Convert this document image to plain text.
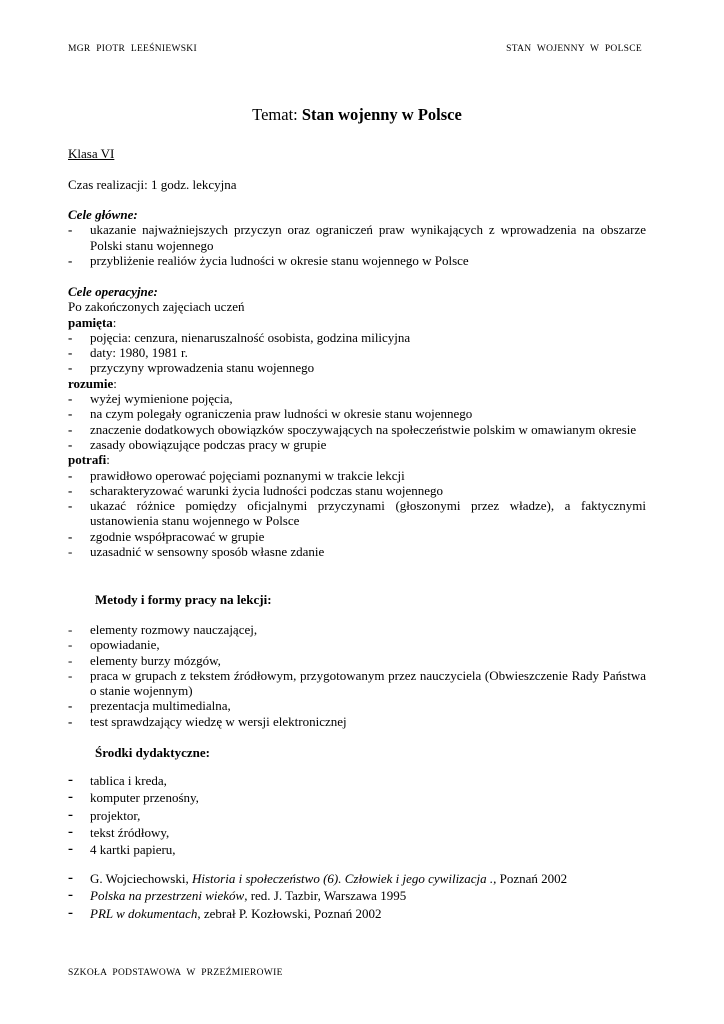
MGR PIOTR LEEŚNIEWSKI	STAN WOJENNY W POLSCE
Temat: Stan wojenny w Polsce
Klasa VI
Czas realizacji: 1 godz. lekcyjna
Cele główne:
- ukazanie najważniejszych przyczyn oraz ograniczeń praw wynikających z wprowadzenia na obszarze Polski stanu wojennego
- przybliżenie realiów życia ludności w okresie stanu wojennego w Polsce
Cele operacyjne:
Po zakończonych zajęciach uczeń
pamięta:
- pojęcia: cenzura, nienaruszalność osobista, godzina milicyjna
- daty: 1980, 1981 r.
- przyczyny wprowadzenia stanu wojennego
rozumie:
- wyżej wymienione pojęcia,
- na czym polegały ograniczenia praw ludności w okresie stanu wojennego
- znaczenie dodatkowych obowiązków spoczywających na społeczeństwie polskim w omawianym okresie
- zasady obowiązujące podczas pracy w grupie
potrafi:
- prawidłowo operować pojęciami poznanymi w trakcie lekcji
- scharakteryzować warunki życia ludności podczas stanu wojennego
- ukazać różnice pomiędzy oficjalnymi przyczynami (głoszonymi przez władze), a faktycznymi ustanowienia stanu wojennego w Polsce
- zgodnie współpracować w grupie
- uzasadnić w sensowny sposób własne zdanie
Metody i formy pracy na lekcji:
- elementy rozmowy nauczającej,
- opowiadanie,
- elementy burzy mózgów,
- praca w grupach z tekstem źródłowym, przygotowanym przez nauczyciela (Obwieszczenie Rady Państwa o stanie wojennym)
- prezentacja multimedialna,
- test sprawdzający wiedzę w wersji elektronicznej
Środki dydaktyczne:
- tablica i kreda,
- komputer przenośny,
- projektor,
- tekst źródłowy,
- 4 kartki papieru,
- G. Wojciechowski, Historia i społeczeństwo (6). Człowiek i jego cywilizacja ., Poznań 2002
- Polska na przestrzeni wieków, red. J. Tazbir, Warszawa 1995
- PRL w dokumentach, zebrał P. Kozłowski, Poznań 2002
SZKOŁA PODSTAWOWA W PRZEŹMIEROWIE
